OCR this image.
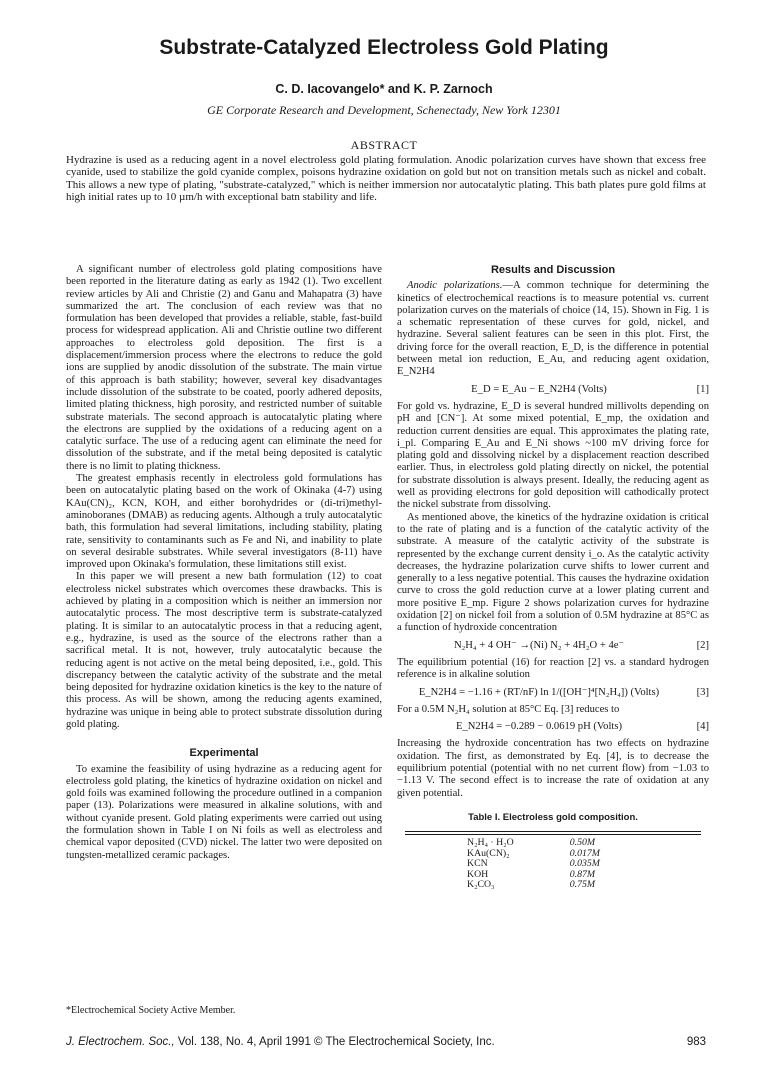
Substrate-Catalyzed Electroless Gold Plating
C. D. Iacovangelo* and K. P. Zarnoch
GE Corporate Research and Development, Schenectady, New York 12301
ABSTRACT
Hydrazine is used as a reducing agent in a novel electroless gold plating formulation. Anodic polarization curves have shown that excess free cyanide, used to stabilize the gold cyanide complex, poisons hydrazine oxidation on gold but not on transition metals such as nickel and cobalt. This allows a new type of plating, "substrate-catalyzed," which is neither immersion nor autocatalytic plating. This bath plates pure gold films at high initial rates up to 10 µm/h with exceptional batn stability and life.

A significant number of electroless gold plating compositions have been reported in the literature dating as early as 1942 (1). Two excellent review articles by Ali and Christie (2) and Ganu and Mahapatra (3) have summarized the art. The conclusion of each review was that no formulation has been developed that provides a reliable, stable, fast-build process for widespread application. Ali and Christie outline two different approaches to electroless gold deposition. The first is a displacement/immersion process where the electrons to reduce the gold ions are supplied by anodic dissolution of the substrate. The main virtue of this approach is bath stability; however, several key disadvantages include dissolution of the substrate to be coated, poorly adhered deposits, limited plating thickness, high porosity, and restricted number of suitable substrate materials. The second approach is autocatalytic plating where the electrons are supplied by the oxidations of a reducing agent on a catalytic surface. The use of a reducing agent can eliminate the need for dissolution of the substrate, and if the metal being deposited is catalytic there is no limit to plating thickness.

The greatest emphasis recently in electroless gold formulations has been on autocatalytic plating based on the work of Okinaka (4-7) using KAu(CN)₂, KCN, KOH, and either borohydrides or (di-tri)methyl-aminoboranes (DMAB) as reducing agents. Although a truly autocatalytic bath, this formulation had several limitations, including stability, plating rate, sensitivity to contaminants such as Fe and Ni, and inability to plate on several desirable substrates. While several investigators (8-11) have improved upon Okinaka's formulation, these limitations still exist.

In this paper we will present a new bath formulation (12) to coat electroless nickel substrates which overcomes these drawbacks. This is achieved by plating in a composition which is neither an immersion nor autocatalytic process. The most descriptive term is substrate-catalyzed plating. It is similar to an autocatalytic process in that a reducing agent, e.g., hydrazine, is used as the source of the electrons rather than a sacrifical metal. It is not, however, truly autocatalytic because the reducing agent is not active on the metal being deposited, i.e., gold. This discrepancy between the catalytic activity of the substrate and the metal being deposited for hydrazine oxidation kinetics is the key to the nature of this process. As will be shown, among the reducing agents examined, hydrazine was unique in being able to protect substrate dissolution during gold plating.

Experimental

To examine the feasibility of using hydrazine as a reducing agent for electroless gold plating, the kinetics of hydrazine oxidation on nickel and gold foils was examined following the procedure outlined in a companion paper (13). Polarizations were measured in alkaline solutions, with and without cyanide present. Gold plating experiments were carried out using the formulation shown in Table I on Ni foils as well as electroless and chemical vapor deposited (CVD) nickel. The latter two were deposited on tungsten-metallized ceramic packages.

*Electrochemical Society Active Member.
Results and Discussion

Anodic polarizations.—A common technique for determining the kinetics of electrochemical reactions is to measure potential vs. current polarization curves on the materials of choice (14, 15). Shown in Fig. 1 is a schematic representation of these curves for gold, nickel, and hydrazine. Several salient features can be seen in this plot. First, the driving force for the overall reaction, E_D, is the difference in potential between metal ion reduction, E_Au, and reducing agent oxidation, E_N2H4

E_D = E_Au − E_N2H4 (Volts)	[1]

For gold vs. hydrazine, E_D is several hundred millivolts depending on pH and [CN⁻]. At some mixed potential, E_mp, the oxidation and reduction current densities are equal. This approximates the plating rate, i_pl. Comparing E_Au and E_Ni shows ~100 mV driving force for plating gold and dissolving nickel by a displacement reaction described earlier. Thus, in electroless gold plating directly on nickel, the potential for substrate dissolution is always present. Ideally, the reducing agent as well as providing electrons for gold deposition will cathodically protect the nickel substrate from dissolving.

As mentioned above, the kinetics of the hydrazine oxidation is critical to the rate of plating and is a function of the catalytic activity of the substrate. A measure of the catalytic activity of the substrate is represented by the exchange current density i_o. As the catalytic activity decreases, the hydrazine polarization curve shifts to lower current and generally to a less negative potential. This causes the hydrazine oxidation curve to cross the gold reduction curve at a lower plating current and more positive E_mp. Figure 2 shows polarization curves for hydrazine oxidation [2] on nickel foil from a solution of 0.5M hydrazine at 85°C as a function of hydroxide concentration

N₂H₄ + 4 OH⁻ →(Ni) N₂ + 4H₂O + 4e⁻	[2]

The equilibrium potential (16) for reaction [2] vs. a standard hydrogen reference is in alkaline solution

E_N2H4 = −1.16 + (RT/nF) ln 1/([OH⁻]⁴[N₂H₄]) (Volts)	[3]

For a 0.5M N₂H₄ solution at 85°C Eq. [3] reduces to

E_N2H4 = −0.289 − 0.0619 pH (Volts)	[4]

Increasing the hydroxide concentration has two effects on hydrazine oxidation. The first, as demonstrated by Eq. [4], is to decrease the equilibrium potential (potential with no net current flow) from −1.03 to −1.13 V. The second effect is to increase the rate of oxidation at any given potential.

Table I. Electroless gold composition.
N₂H₄ · H₂O	0.50M
KAu(CN)₂	0.017M
KCN	0.035M
KOH	0.87M
K₂CO₃	0.75M
J. Electrochem. Soc., Vol. 138, No. 4, April 1991 © The Electrochemical Society, Inc.	983
